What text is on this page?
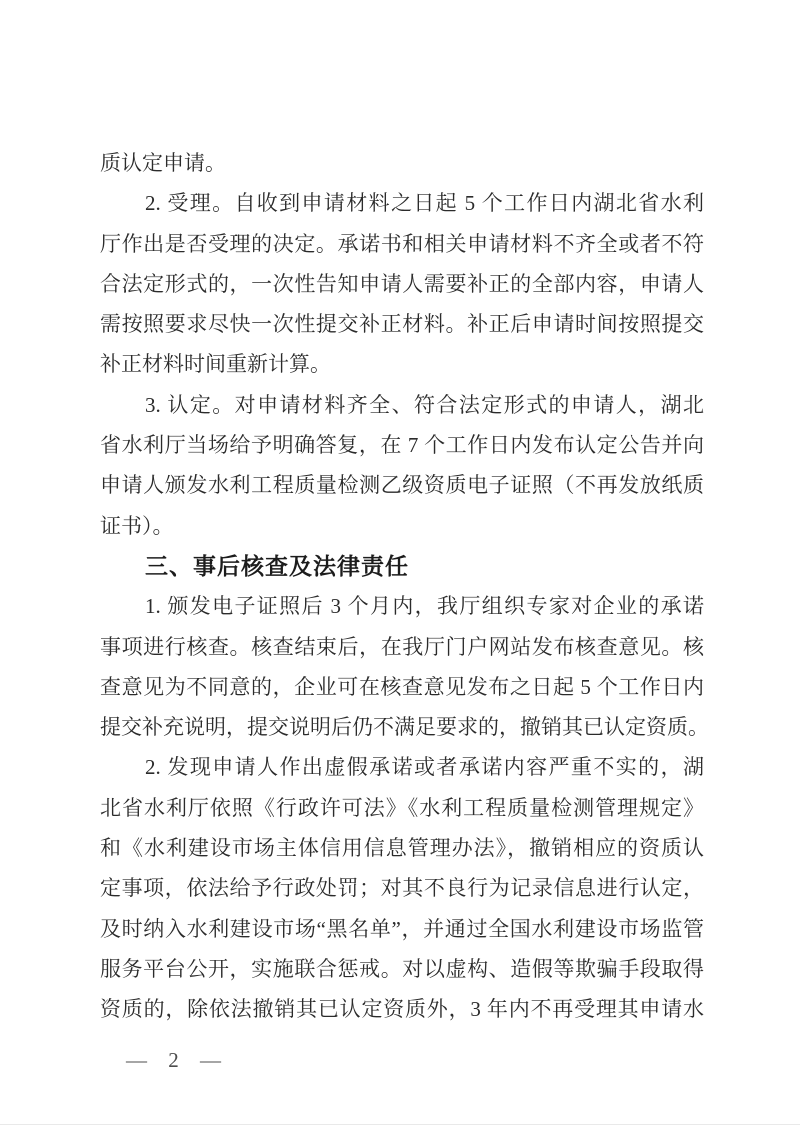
质认定申请。
2. 受理。自收到申请材料之日起 5 个工作日内湖北省水利
厅作出是否受理的决定。承诺书和相关申请材料不齐全或者不符
合法定形式的，一次性告知申请人需要补正的全部内容，申请人
需按照要求尽快一次性提交补正材料。补正后申请时间按照提交
补正材料时间重新计算。
3. 认定。对申请材料齐全、符合法定形式的申请人，湖北
省水利厅当场给予明确答复，在 7 个工作日内发布认定公告并向
申请人颁发水利工程质量检测乙级资质电子证照（不再发放纸质
证书）。
三、事后核查及法律责任
1. 颁发电子证照后 3 个月内，我厅组织专家对企业的承诺
事项进行核查。核查结束后，在我厅门户网站发布核查意见。核
查意见为不同意的，企业可在核查意见发布之日起 5 个工作日内
提交补充说明，提交说明后仍不满足要求的，撤销其已认定资质。
2. 发现申请人作出虚假承诺或者承诺内容严重不实的，湖
北省水利厅依照《行政许可法》《水利工程质量检测管理规定》
和《水利建设市场主体信用信息管理办法》，撤销相应的资质认
定事项，依法给予行政处罚；对其不良行为记录信息进行认定，
及时纳入水利建设市场“黑名单”，并通过全国水利建设市场监管
服务平台公开，实施联合惩戒。对以虚构、造假等欺骗手段取得
资质的，除依法撤销其已认定资质外，3 年内不再受理其申请水
— 2 —
